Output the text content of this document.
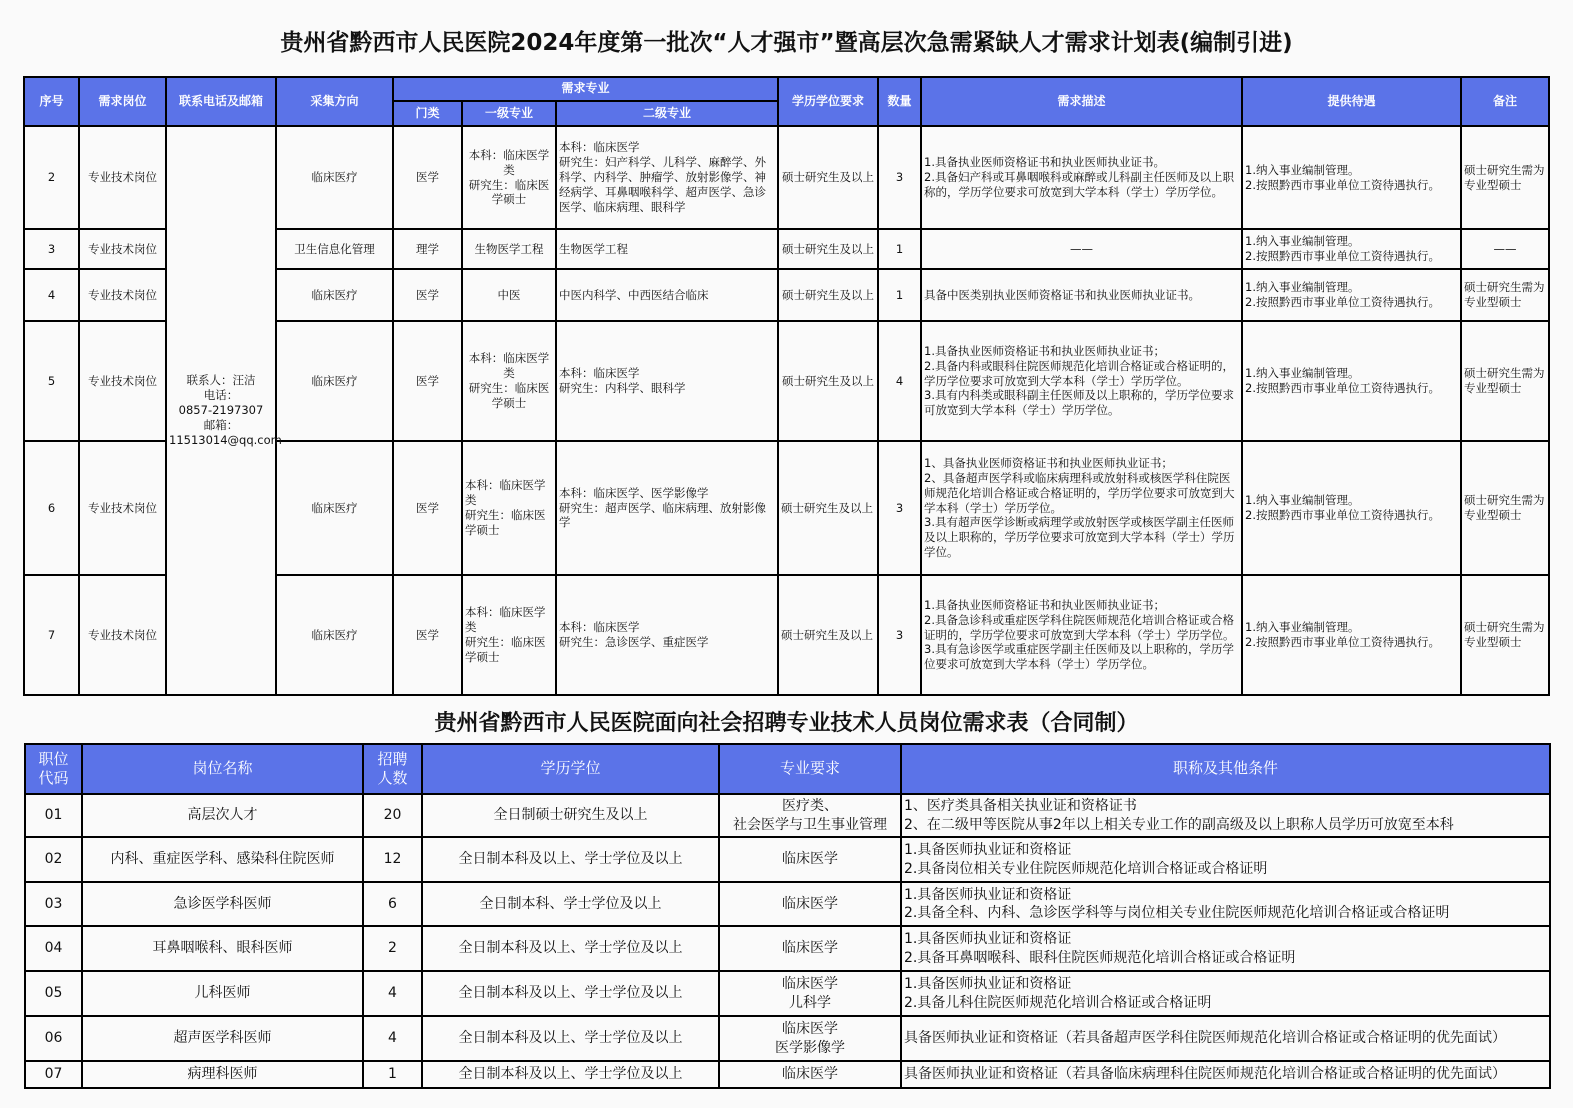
贵州省黔西市人民医院2024年度第一批次“人才强市”暨高层次急需紧缺人才需求计划表(编制引进)
序号	需求岗位	联系电话及邮箱	采集方向	需求专业			学历学位要求	数量	需求描述	提供待遇	备注
				门类	一级专业	二级专业					
2	专业技术岗位	联系人：汪洁
电话：
0857-2197307
邮箱：
11513014@qq.com	临床医疗	医学	本科：临床医学类
研究生：临床医学硕士	本科：临床医学
研究生：妇产科学、儿科学、麻醉学、外科学、内科学、肿瘤学、放射影像学、神经病学、耳鼻咽喉科学、超声医学、急诊医学、临床病理、眼科学	硕士研究生及以上	3	1.具备执业医师资格证书和执业医师执业证书。
2.具备妇产科或耳鼻咽喉科或麻醉或儿科副主任医师及以上职称的，学历学位要求可放宽到大学本科（学士）学历学位。	1.纳入事业编制管理。
2.按照黔西市事业单位工资待遇执行。	硕士研究生需为专业型硕士
3	专业技术岗位		卫生信息化管理	理学	生物医学工程	生物医学工程	硕士研究生及以上	1	——	1.纳入事业编制管理。
2.按照黔西市事业单位工资待遇执行。	——
4	专业技术岗位		临床医疗	医学	中医	中医内科学、中西医结合临床	硕士研究生及以上	1	具备中医类别执业医师资格证书和执业医师执业证书。	1.纳入事业编制管理。
2.按照黔西市事业单位工资待遇执行。	硕士研究生需为专业型硕士
5	专业技术岗位		临床医疗	医学	本科：临床医学类
研究生：临床医学硕士	本科：临床医学
研究生：内科学、眼科学	硕士研究生及以上	4	1.具备执业医师资格证书和执业医师执业证书；
2.具备内科或眼科住院医师规范化培训合格证或合格证明的，学历学位要求可放宽到大学本科（学士）学历学位。
3.具有内科类或眼科副主任医师及以上职称的，学历学位要求可放宽到大学本科（学士）学历学位。	1.纳入事业编制管理。
2.按照黔西市事业单位工资待遇执行。	硕士研究生需为专业型硕士
6	专业技术岗位		临床医疗	医学	本科：临床医学类
研究生：临床医学硕士	本科：临床医学、医学影像学
研究生：超声医学、临床病理、放射影像学	硕士研究生及以上	3	1、具备执业医师资格证书和执业医师执业证书；
2、具备超声医学科或临床病理科或放射科或核医学科住院医师规范化培训合格证或合格证明的，学历学位要求可放宽到大学本科（学士）学历学位。
3.具有超声医学诊断或病理学或放射医学或核医学副主任医师及以上职称的，学历学位要求可放宽到大学本科（学士）学历学位。	1.纳入事业编制管理。
2.按照黔西市事业单位工资待遇执行。	硕士研究生需为专业型硕士
7	专业技术岗位		临床医疗	医学	本科：临床医学类
研究生：临床医学硕士	本科：临床医学
研究生：急诊医学、重症医学	硕士研究生及以上	3	1.具备执业医师资格证书和执业医师执业证书；
2.具备急诊科或重症医学科住院医师规范化培训合格证或合格证明的，学历学位要求可放宽到大学本科（学士）学历学位。
3.具有急诊医学或重症医学副主任医师及以上职称的，学历学位要求可放宽到大学本科（学士）学历学位。	1.纳入事业编制管理。
2.按照黔西市事业单位工资待遇执行。	硕士研究生需为专业型硕士
贵州省黔西市人民医院面向社会招聘专业技术人员岗位需求表（合同制）
职位
代码	岗位名称	招聘
人数	学历学位	专业要求	职称及其他条件
01	高层次人才	20	全日制硕士研究生及以上	医疗类、
社会医学与卫生事业管理	1、医疗类具备相关执业证和资格证书
2、在二级甲等医院从事2年以上相关专业工作的副高级及以上职称人员学历可放宽至本科
02	内科、重症医学科、感染科住院医师	12	全日制本科及以上、学士学位及以上	临床医学	1.具备医师执业证和资格证
2.具备岗位相关专业住院医师规范化培训合格证或合格证明
03	急诊医学科医师	6	全日制本科、学士学位及以上	临床医学	1.具备医师执业证和资格证
2.具备全科、内科、急诊医学科等与岗位相关专业住院医师规范化培训合格证或合格证明
04	耳鼻咽喉科、眼科医师	2	全日制本科及以上、学士学位及以上	临床医学	1.具备医师执业证和资格证
2.具备耳鼻咽喉科、眼科住院医师规范化培训合格证或合格证明
05	儿科医师	4	全日制本科及以上、学士学位及以上	临床医学
儿科学	1.具备医师执业证和资格证
2.具备儿科住院医师规范化培训合格证或合格证明
06	超声医学科医师	4	全日制本科及以上、学士学位及以上	临床医学
医学影像学	具备医师执业证和资格证（若具备超声医学科住院医师规范化培训合格证或合格证明的优先面试）
07	病理科医师	1	全日制本科及以上、学士学位及以上	临床医学	具备医师执业证和资格证（若具备临床病理科住院医师规范化培训合格证或合格证明的优先面试）
